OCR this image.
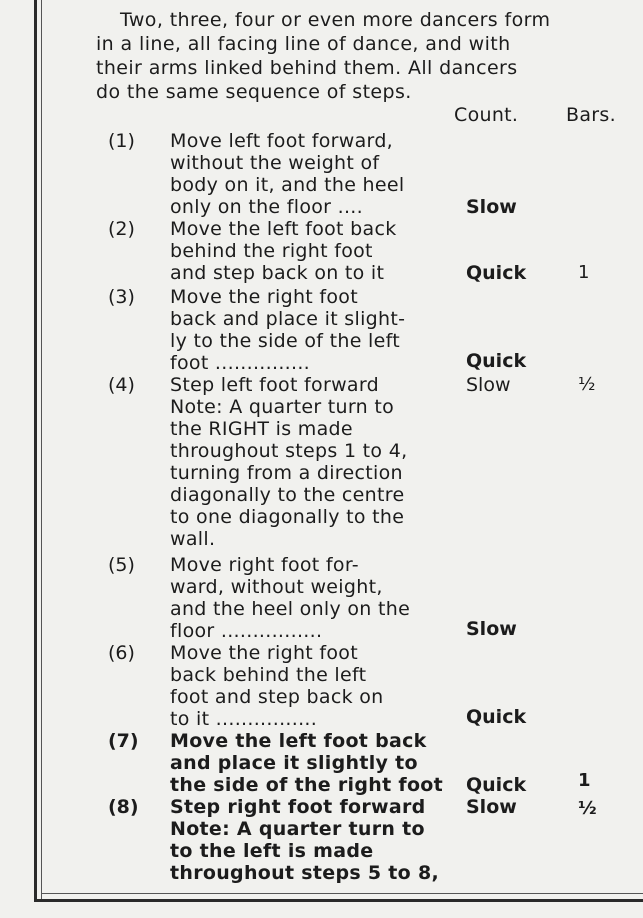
Two, three, four or even more dancers form

in a line, all facing line of dance, and with

their arms linked behind them. All dancers

do the same sequence of steps.

Count.	Bars.
(1) Move left foot forward,
without the weight of
body on it, and the heel
only on the floor ....	Slow
(2) Move the left foot back
behind the right foot
and step back on to it	Quick	1
(3) Move the right foot
back and place it slight-
ly to the side of the left
foot ...............	Quick
(4) Step left foot forward
Note: A quarter turn to
the RIGHT is made
throughout steps 1 to 4,
turning from a direction
diagonally to the centre
to one diagonally to the
wall.
Slow	½
(5) Move right foot for-
ward, without weight,
and the heel only on the
floor ................	Slow
(6) Move the right foot
back behind the left
foot and step back on
to it ................	Quick
(7) Move the left foot back
and place it slightly to
the side of the right foot Quick	1
(8) Step right foot forward
Note: A quarter turn to
to the left is made
throughout steps 5 to 8,
Slow	½
